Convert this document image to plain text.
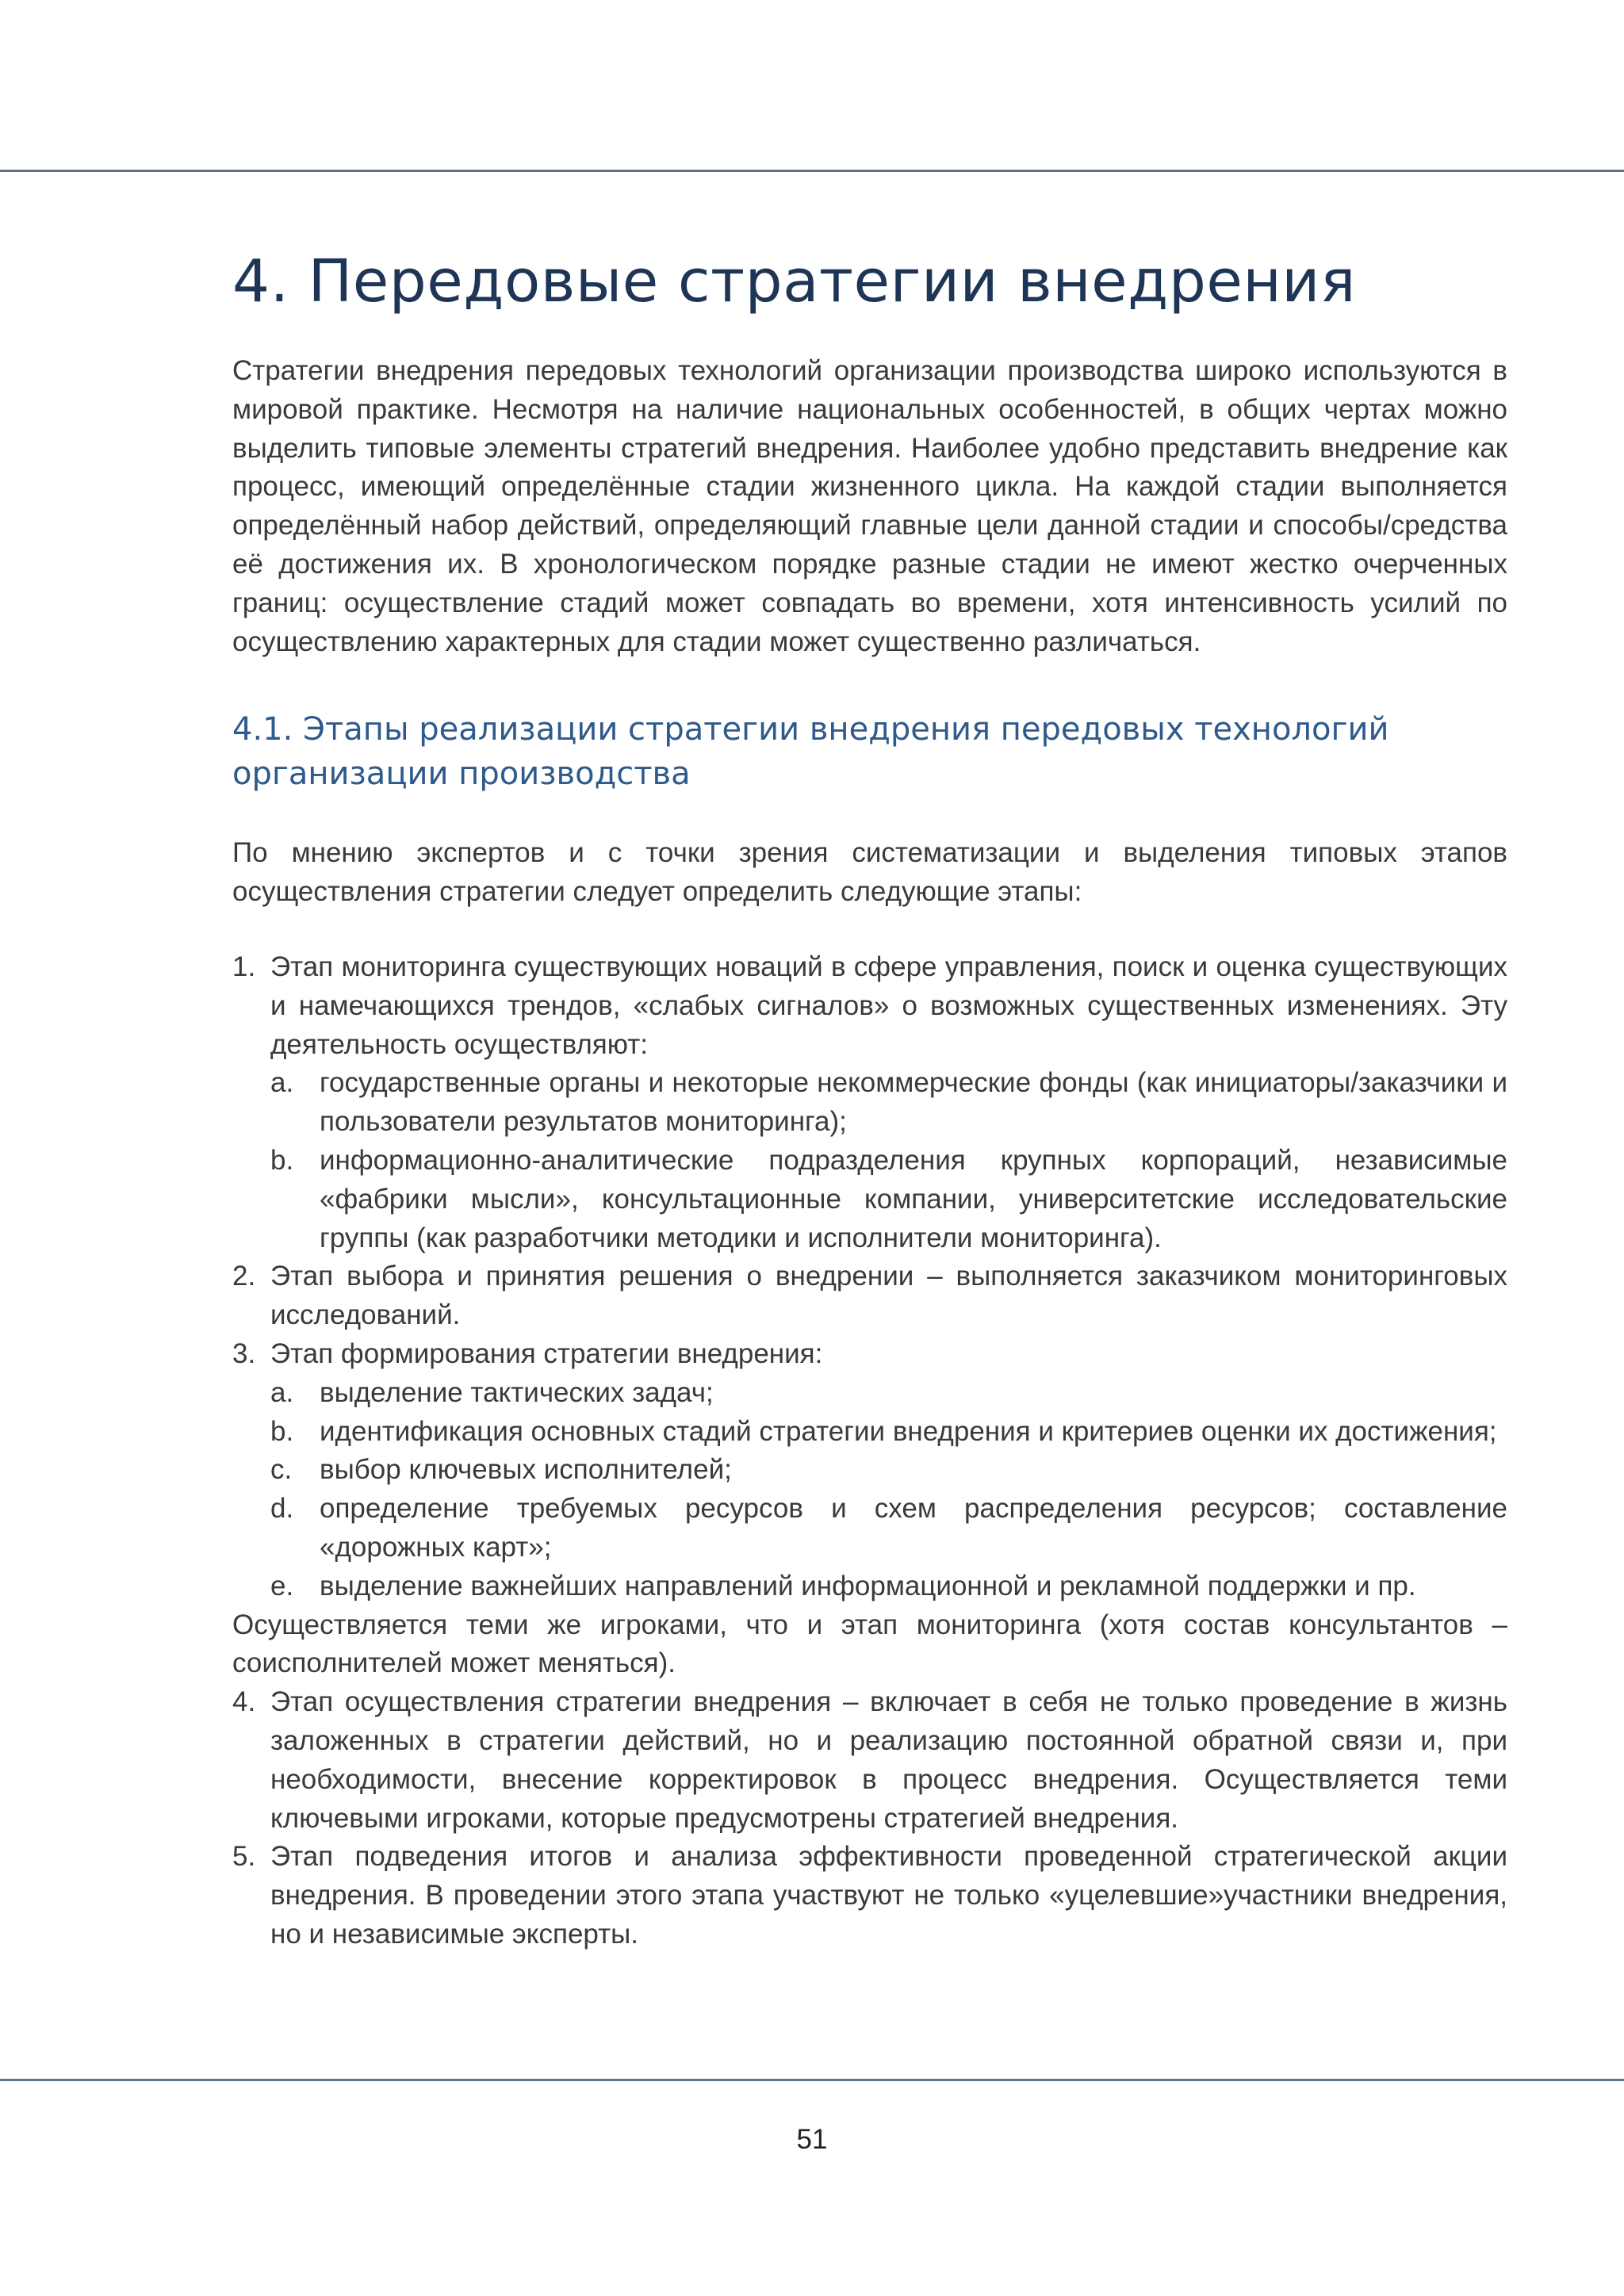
4. Передовые стратегии внедрения

Стратегии внедрения передовых технологий организации производства широко используются в мировой практике. Несмотря на наличие национальных особенностей, в общих чертах можно выделить типовые элементы стратегий внедрения. Наиболее удобно представить внедрение как процесс, имеющий определённые стадии жизненного цикла. На каждой стадии выполняется определённый набор действий, определяющий главные цели данной стадии и способы/средства её достижения их. В хронологическом порядке разные стадии не имеют жестко очерченных границ: осуществление стадий может совпадать во времени, хотя интенсивность усилий по осуществлению характерных для стадии может существенно различаться.

4.1. Этапы реализации стратегии внедрения передовых технологий
организации производства

По мнению экспертов и с точки зрения систематизации и выделения типовых этапов осуществления стратегии следует определить следующие этапы:

1. Этап мониторинга существующих новаций в сфере управления, поиск и оценка существующих и намечающихся трендов, «слабых сигналов» о возможных существенных изменениях. Эту деятельность осуществляют:
a. государственные органы и некоторые некоммерческие фонды (как инициаторы/заказчики и пользователи результатов мониторинга);
b. информационно-аналитические подразделения крупных корпораций, независимые «фабрики мысли», консультационные компании, университетские исследовательские группы (как разработчики методики и исполнители мониторинга).
2. Этап выбора и принятия решения о внедрении – выполняется заказчиком мониторинговых исследований.
3. Этап формирования стратегии внедрения:
a. выделение тактических задач;
b. идентификация основных стадий стратегии внедрения и критериев оценки их достижения;
c. выбор ключевых исполнителей;
d. определение требуемых ресурсов и схем распределения ресурсов; составление «дорожных карт»;
e. выделение важнейших направлений информационной и рекламной поддержки и пр.

Осуществляется теми же игроками, что и этап мониторинга (хотя состав консультантов – соисполнителей может меняться).

4. Этап осуществления стратегии внедрения – включает в себя не только проведение в жизнь заложенных в стратегии действий, но и реализацию постоянной обратной связи и, при необходимости, внесение корректировок в процесс внедрения. Осуществляется теми ключевыми игроками, которые предусмотрены стратегией внедрения.
5. Этап подведения итогов и анализа эффективности проведенной стратегической акции внедрения. В проведении этого этапа участвуют не только «уцелевшие»участники внедрения, но и независимые эксперты.
51
